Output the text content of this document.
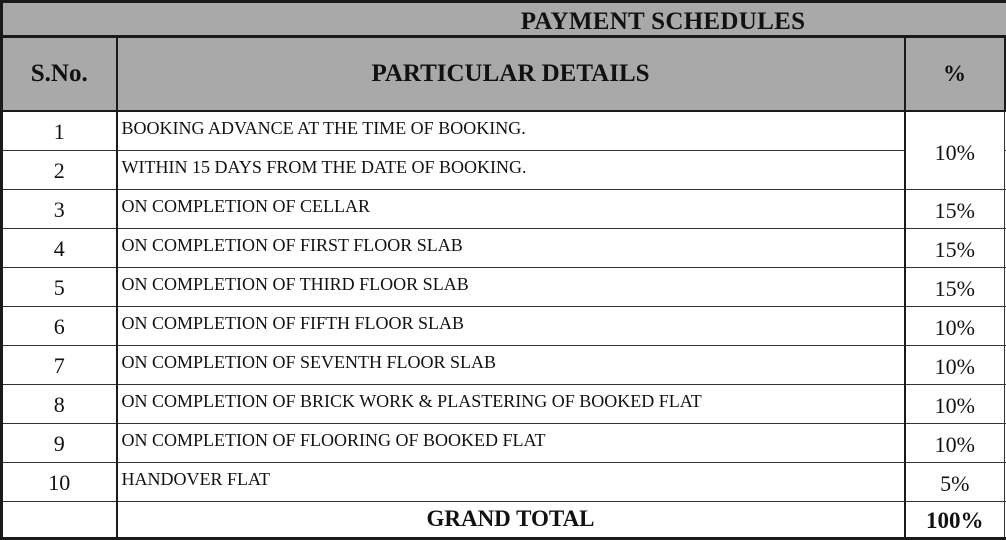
PAYMENT SCHEDULES
S.No.	PARTICULAR DETAILS	%	
1	BOOKING ADVANCE AT THE TIME OF BOOKING.	10%	
2	WITHIN 15 DAYS FROM THE DATE OF BOOKING.		
3	ON COMPLETION OF CELLAR	15%	
4	ON COMPLETION OF FIRST FLOOR SLAB	15%	
5	ON COMPLETION OF THIRD FLOOR SLAB	15%	
6	ON COMPLETION OF FIFTH FLOOR SLAB	10%	
7	ON COMPLETION OF SEVENTH FLOOR SLAB	10%	
8	ON COMPLETION OF BRICK WORK & PLASTERING OF BOOKED FLAT	10%	
9	ON COMPLETION OF FLOORING OF BOOKED FLAT	10%	
10	HANDOVER FLAT	5%	
	GRAND TOTAL	100%	
